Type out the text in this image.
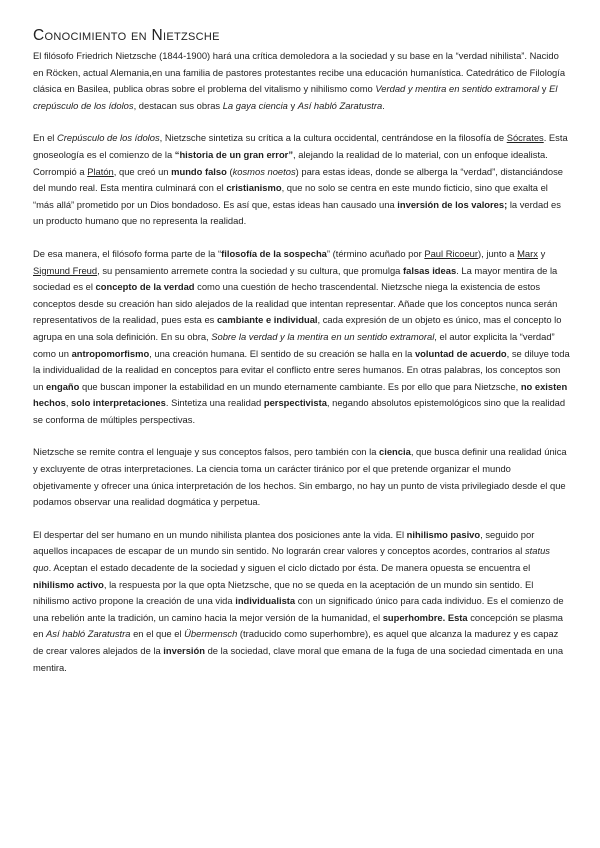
Conocimiento en Nietzsche

El filósofo Friedrich Nietzsche (1844-1900) hará una crítica demoledora a la sociedad y su base en la “verdad nihilista”. Nacido en Röcken, actual Alemania,en una familia de pastores protestantes recibe una educación humanística. Catedrático de Filología clásica en Basilea, publica obras sobre el problema del vitalismo y nihilismo como Verdad y mentira en sentido extramoral y El crepúsculo de los ídolos, destacan sus obras La gaya ciencia y Así habló Zaratustra.

En el Crepúsculo de los ídolos, Nietzsche sintetiza su crítica a la cultura occidental, centrándose en la filosofía de Sócrates. Esta gnoseología es el comienzo de la “historia de un gran error”, alejando la realidad de lo material, con un enfoque idealista. Corrompió a Platón, que creó un mundo falso (kosmos noetos) para estas ideas, donde se alberga la “verdad”, distanciándose del mundo real. Esta mentira culminará con el cristianismo, que no solo se centra en este mundo ficticio, sino que exalta el “más allá” prometido por un Dios bondadoso. Es así que, estas ideas han causado una inversión de los valores; la verdad es un producto humano que no representa la realidad.

De esa manera, el filósofo forma parte de la “filosofía de la sospecha” (término acuñado por Paul Ricoeur), junto a Marx y Sigmund Freud, su pensamiento arremete contra la sociedad y su cultura, que promulga falsas ideas. La mayor mentira de la sociedad es el concepto de la verdad como una cuestión de hecho trascendental. Nietzsche niega la existencia de estos conceptos desde su creación han sido alejados de la realidad que intentan representar. Añade que los conceptos nunca serán representativos de la realidad, pues esta es cambiante e individual, cada expresión de un objeto es único, mas el concepto lo agrupa en una sola definición. En su obra, Sobre la verdad y la mentira en un sentido extramoral, el autor explicita la “verdad” como un antropomorfismo, una creación humana. El sentido de su creación se halla en la voluntad de acuerdo, se diluye toda la individualidad de la realidad en conceptos para evitar el conflicto entre seres humanos. En otras palabras, los conceptos son un engaño que buscan imponer la estabilidad en un mundo eternamente cambiante. Es por ello que para Nietzsche, no existen hechos, solo interpretaciones. Sintetiza una realidad perspectivista, negando absolutos epistemológicos sino que la realidad se conforma de múltiples perspectivas.

Nietzsche se remite contra el lenguaje y sus conceptos falsos, pero también con la ciencia, que busca definir una realidad única y excluyente de otras interpretaciones. La ciencia toma un carácter tiránico por el que pretende organizar el mundo objetivamente y ofrecer una única interpretación de los hechos. Sin embargo, no hay un punto de vista privilegiado desde el que podamos observar una realidad dogmática y perpetua.

El despertar del ser humano en un mundo nihilista plantea dos posiciones ante la vida. El nihilismo pasivo, seguido por aquellos incapaces de escapar de un mundo sin sentido. No lograrán crear valores y conceptos acordes, contrarios al status quo. Aceptan el estado decadente de la sociedad y siguen el ciclo dictado por ésta. De manera opuesta se encuentra el nihilismo activo, la respuesta por la que opta Nietzsche, que no se queda en la aceptación de un mundo sin sentido. El nihilismo activo propone la creación de una vida individualista con un significado único para cada individuo. Es el comienzo de una rebelión ante la tradición, un camino hacia la mejor versión de la humanidad, el superhombre. Esta concepción se plasma en Así habló Zaratustra en el que el Übermensch (traducido como superhombre), es aquel que alcanza la madurez y es capaz de crear valores alejados de la inversión de la sociedad, clave moral que emana de la fuga de una sociedad cimentada en una mentira.
